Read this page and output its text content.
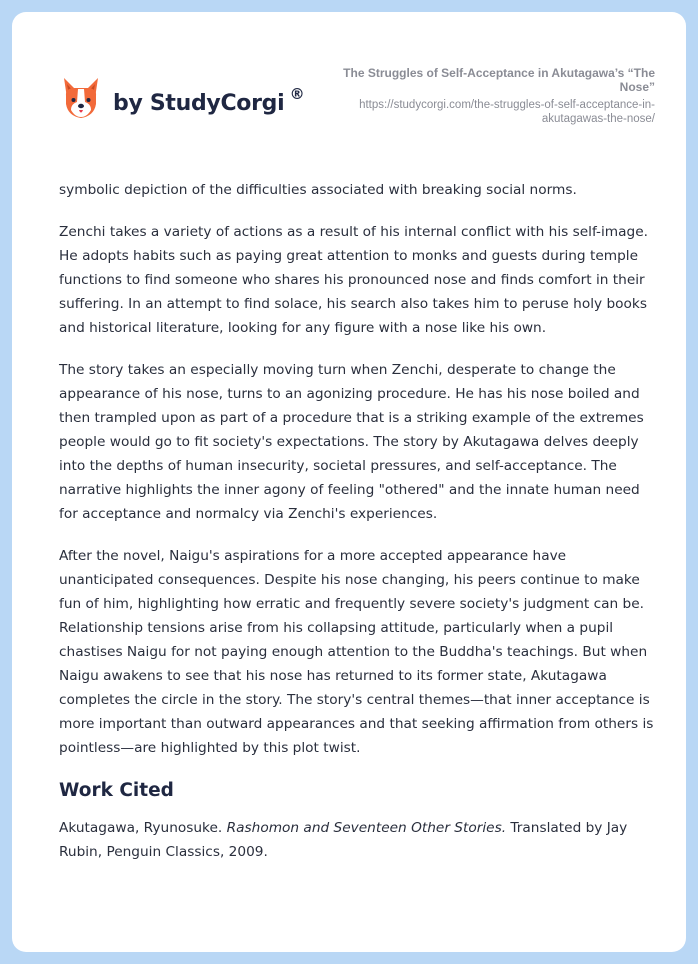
by StudyCorgi ®
The Struggles of Self-Acceptance in Akutagawa’s “The Nose”
https://studycorgi.com/the-struggles-of-self-acceptance-in-akutagawas-the-nose/

symbolic depiction of the difficulties associated with breaking social norms.

Zenchi takes a variety of actions as a result of his internal conflict with his self-image. He adopts habits such as paying great attention to monks and guests during temple functions to find someone who shares his pronounced nose and finds comfort in their suffering. In an attempt to find solace, his search also takes him to peruse holy books and historical literature, looking for any figure with a nose like his own.

The story takes an especially moving turn when Zenchi, desperate to change the appearance of his nose, turns to an agonizing procedure. He has his nose boiled and then trampled upon as part of a procedure that is a striking example of the extremes people would go to fit society's expectations. The story by Akutagawa delves deeply into the depths of human insecurity, societal pressures, and self-acceptance. The narrative highlights the inner agony of feeling "othered" and the innate human need for acceptance and normalcy via Zenchi's experiences.

After the novel, Naigu's aspirations for a more accepted appearance have unanticipated consequences. Despite his nose changing, his peers continue to make fun of him, highlighting how erratic and frequently severe society's judgment can be. Relationship tensions arise from his collapsing attitude, particularly when a pupil chastises Naigu for not paying enough attention to the Buddha's teachings. But when Naigu awakens to see that his nose has returned to its former state, Akutagawa completes the circle in the story. The story's central themes—that inner acceptance is more important than outward appearances and that seeking affirmation from others is pointless—are highlighted by this plot twist.

Work Cited

Akutagawa, Ryunosuke. Rashomon and Seventeen Other Stories. Translated by Jay Rubin, Penguin Classics, 2009.
